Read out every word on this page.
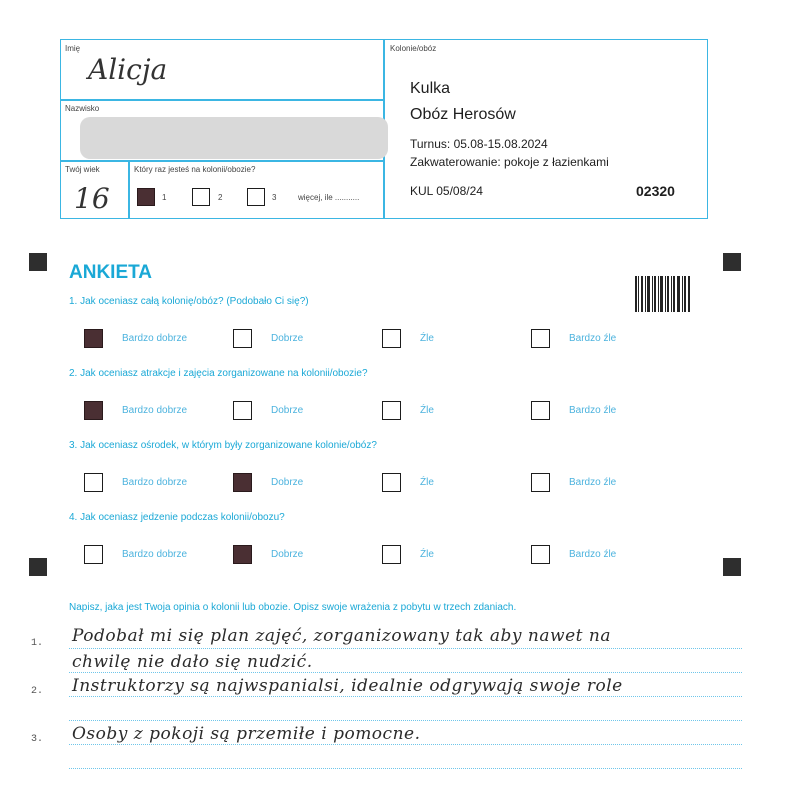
Imię
Alicja
Nazwisko
Twój wiek
16
Który raz jesteś na kolonii/obozie?
1	2	3	więcej, ile ...........
Kolonie/obóz
Kulka
Obóz Herosów
Turnus: 05.08-15.08.2024
Zakwaterowanie: pokoje z łazienkami
KUL 05/08/24	02320
ANKIETA
1. Jak oceniasz całą kolonię/obóz? (Podobało Ci się?)
Bardzo dobrze	Dobrze	Źle	Bardzo źle
2. Jak oceniasz atrakcje i zajęcia zorganizowane na kolonii/obozie?
Bardzo dobrze	Dobrze	Źle	Bardzo źle
3. Jak oceniasz ośrodek, w którym były zorganizowane kolonie/obóz?
Bardzo dobrze	Dobrze	Źle	Bardzo źle
4. Jak oceniasz jedzenie podczas kolonii/obozu?
Bardzo dobrze	Dobrze	Źle	Bardzo źle
Napisz, jaka jest Twoja opinia o kolonii lub obozie. Opisz swoje wrażenia z pobytu w trzech zdaniach.
1.
2.
3.
Podobał mi się plan zajęć, zorganizowany tak aby nawet na
chwilę nie dało się nudzić.
Instruktorzy są najwspanialsi, idealnie odgrywają swoje role
Osoby z pokoji są przemiłe i pomocne.
